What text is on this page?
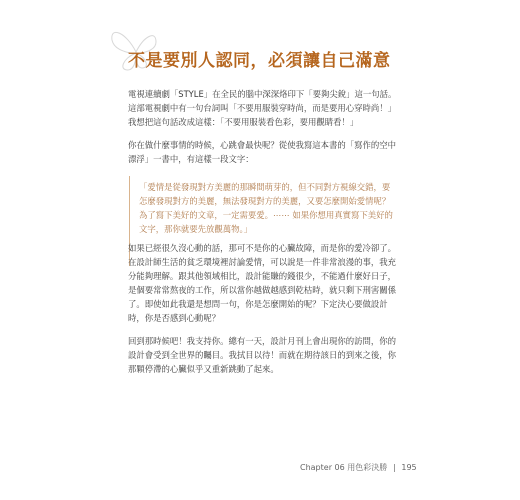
不是要別人認同，必須讓自己滿意

電視連續劇「STYLE」在全民的腦中深深烙印下「要夠尖銳」這一句話。這部電視劇中有一句台詞叫「不要用服裝穿時尚，而是要用心穿時尚！」我想把這句話改成這樣：「不要用服裝看色彩，要用觀睛看！」

你在做什麼事情的時候，心跳會最快呢？從使我寫這本書的「寫作的空中漂浮」一書中，有這樣一段文字：

「愛情是從發現對方美麗的那瞬間萌芽的，但不同對方視線交錯，要怎麼發現對方的美麗，無法發現對方的美麗，又要怎麼開始愛情呢？為了寫下美好的文章，一定需要愛。⋯⋯ 如果你想用真實寫下美好的文字，那你就要先放觀萬物。」

如果已經很久沒心動的話，那可不是你的心臟故障，而是你的愛冷卻了。在設計師生活的貧乏環境裡討論愛情，可以說是一件非常浪漫的事，我充分能夠理解。跟其他領域相比，設計能賺的錢很少，不能過什麼好日子，是個要常常熬夜的工作，所以當你越做越感到乾枯時，就只剩下刑害關係了。即使如此我還是想問一句，你是怎麼開始的呢？下定決心要做設計時，你是否感到心動呢？

回到那時候吧！我支持你。總有一天，設計月刊上會出現你的訪問，你的設計會受到全世界的矚目。我拭目以待！而就在期待該日的到來之後，你那顆停滯的心臟似乎又重新跳動了起來。

Chapter 06 用色彩決勝 195
